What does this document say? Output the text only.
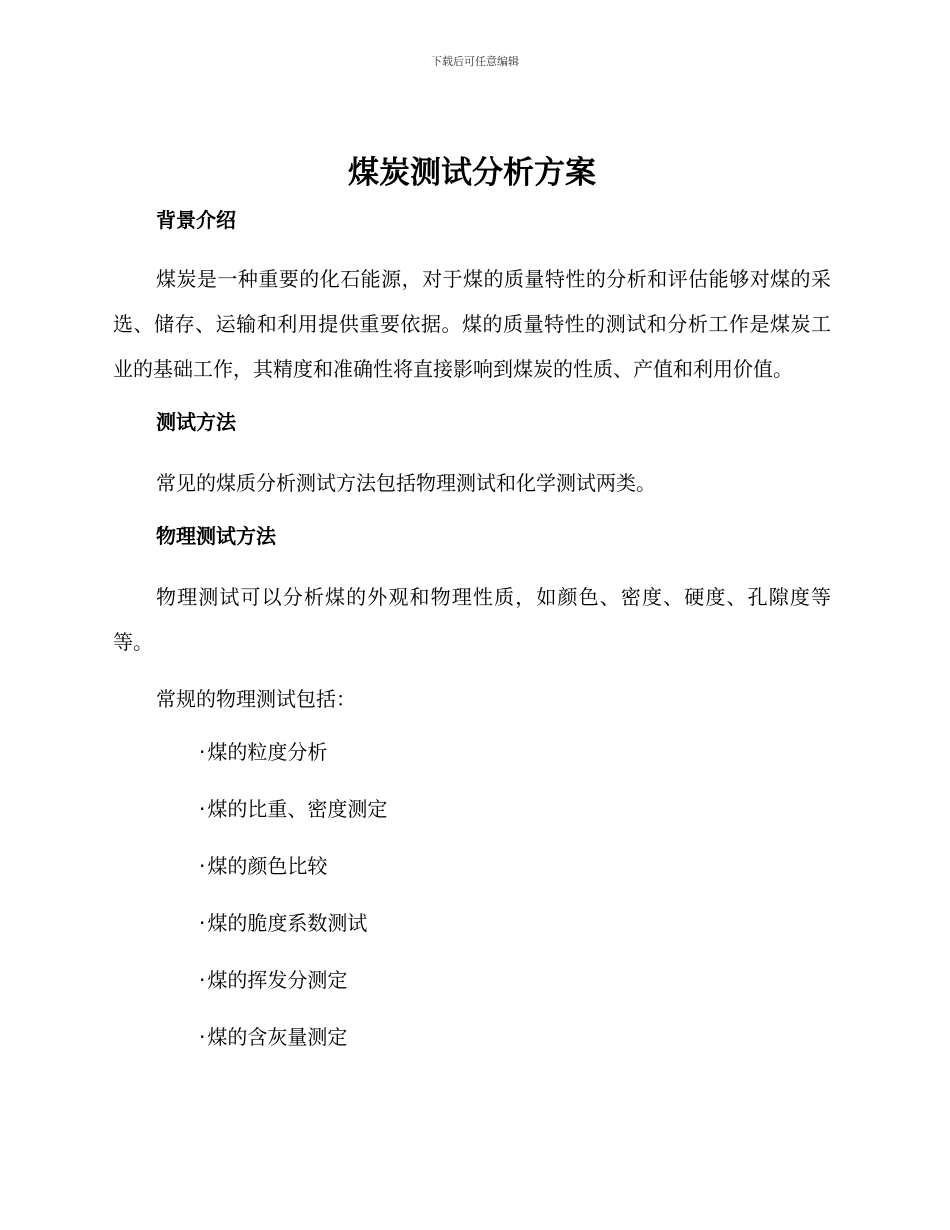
下载后可任意编辑
煤炭测试分析方案
背景介绍

煤炭是一种重要的化石能源，对于煤的质量特性的分析和评估能够对煤的采选、储存、运输和利用提供重要依据。煤的质量特性的测试和分析工作是煤炭工业的基础工作，其精度和准确性将直接影响到煤炭的性质、产值和利用价值。

测试方法

常见的煤质分析测试方法包括物理测试和化学测试两类。

物理测试方法

物理测试可以分析煤的外观和物理性质，如颜色、密度、硬度、孔隙度等等。

常规的物理测试包括：

· 煤的粒度分析
· 煤的比重、密度测定
· 煤的颜色比较
· 煤的脆度系数测试
· 煤的挥发分测定
· 煤的含灰量测定
